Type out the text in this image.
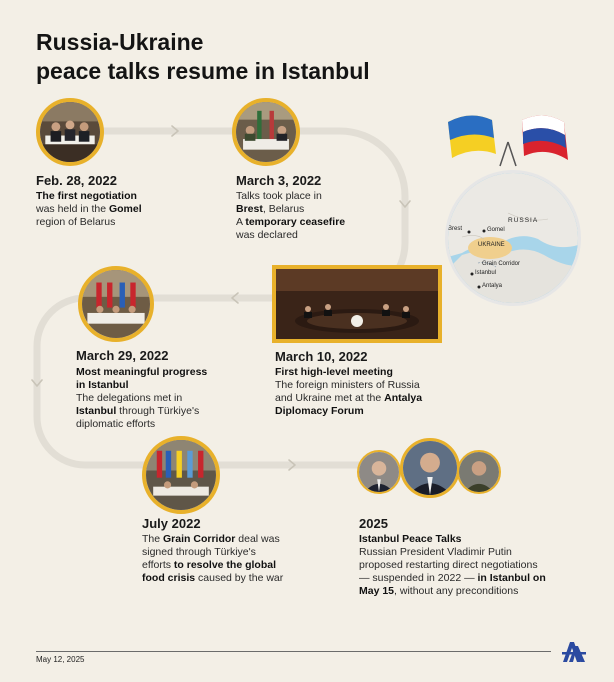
Russia-Ukraine
peace talks resume in Istanbul
Feb. 28, 2022
The first negotiation
was held in the Gomel
region of Belarus
March 3, 2022
Talks took place in
Brest, Belarus
A temporary ceasefire
was declared
RUSSIA
UKRAINE
Brest	Gomel
Grain Corridor
Istanbul
Antalya
March 10, 2022
First high-level meeting
The foreign ministers of Russia
and Ukraine met at the Antalya
Diplomacy Forum
March 29, 2022
Most meaningful progress
in Istanbul
The delegations met in
Istanbul through Türkiye's
diplomatic efforts
July 2022
The Grain Corridor deal was
signed through Türkiye's
efforts to resolve the global
food crisis caused by the war
2025
Istanbul Peace Talks
Russian President Vladimir Putin
proposed restarting direct negotiations
— suspended in 2022 — in Istanbul on
May 15, without any preconditions
May 12, 2025
